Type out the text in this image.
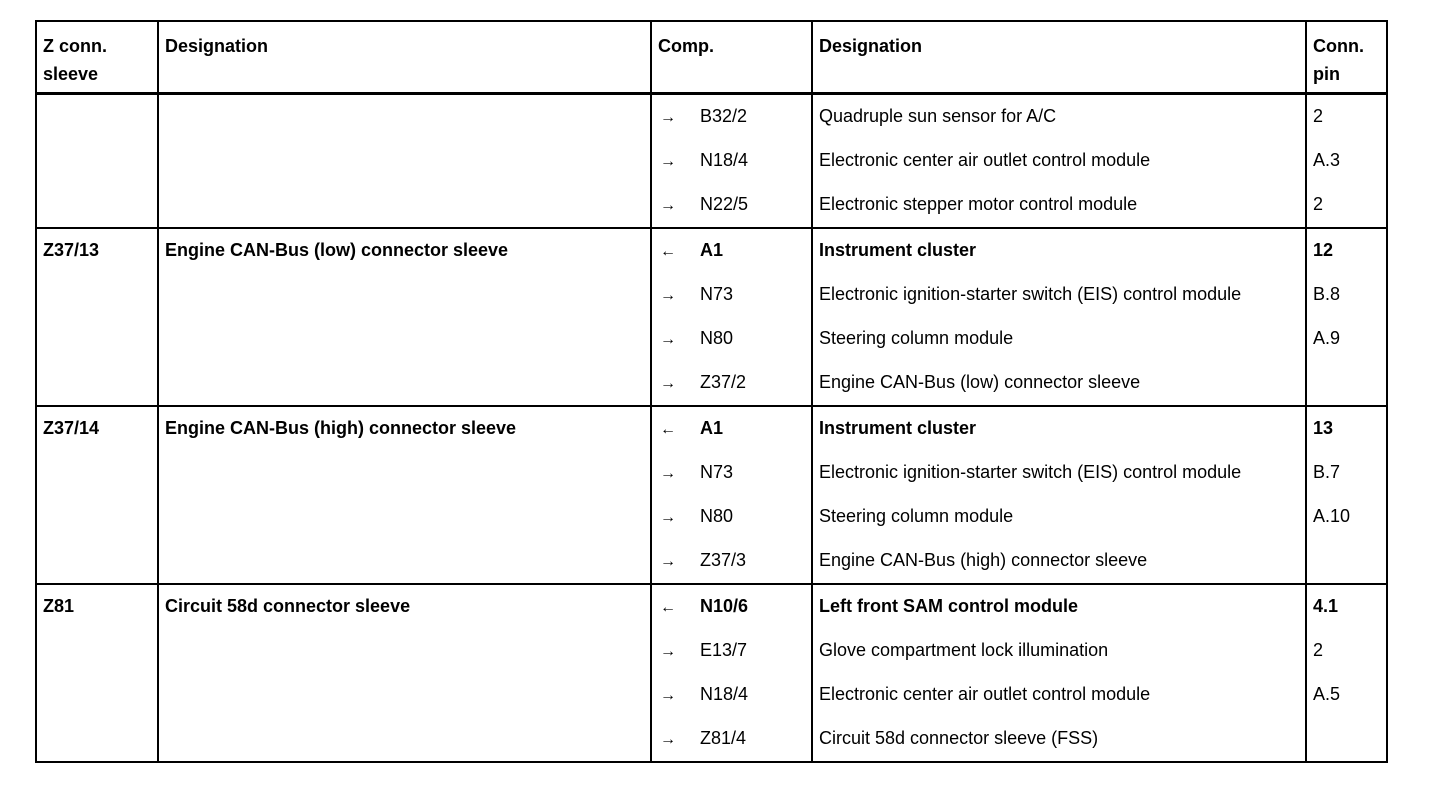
Z conn. sleeve	Designation	Comp.	Designation	Conn. pin
		→ B32/2	Quadruple sun sensor for A/C	2
		→ N18/4	Electronic center air outlet control module	A.3
		→ N22/5	Electronic stepper motor control module	2
Z37/13	Engine CAN-Bus (low) connector sleeve	← A1	Instrument cluster	12
		→ N73	Electronic ignition-starter switch (EIS) control module	B.8
		→ N80	Steering column module	A.9
		→ Z37/2	Engine CAN-Bus (low) connector sleeve	
Z37/14	Engine CAN-Bus (high) connector sleeve	← A1	Instrument cluster	13
		→ N73	Electronic ignition-starter switch (EIS) control module	B.7
		→ N80	Steering column module	A.10
		→ Z37/3	Engine CAN-Bus (high) connector sleeve	
Z81	Circuit 58d connector sleeve	← N10/6	Left front SAM control module	4.1
		→ E13/7	Glove compartment lock illumination	2
		→ N18/4	Electronic center air outlet control module	A.5
		→ Z81/4	Circuit 58d connector sleeve (FSS)	
